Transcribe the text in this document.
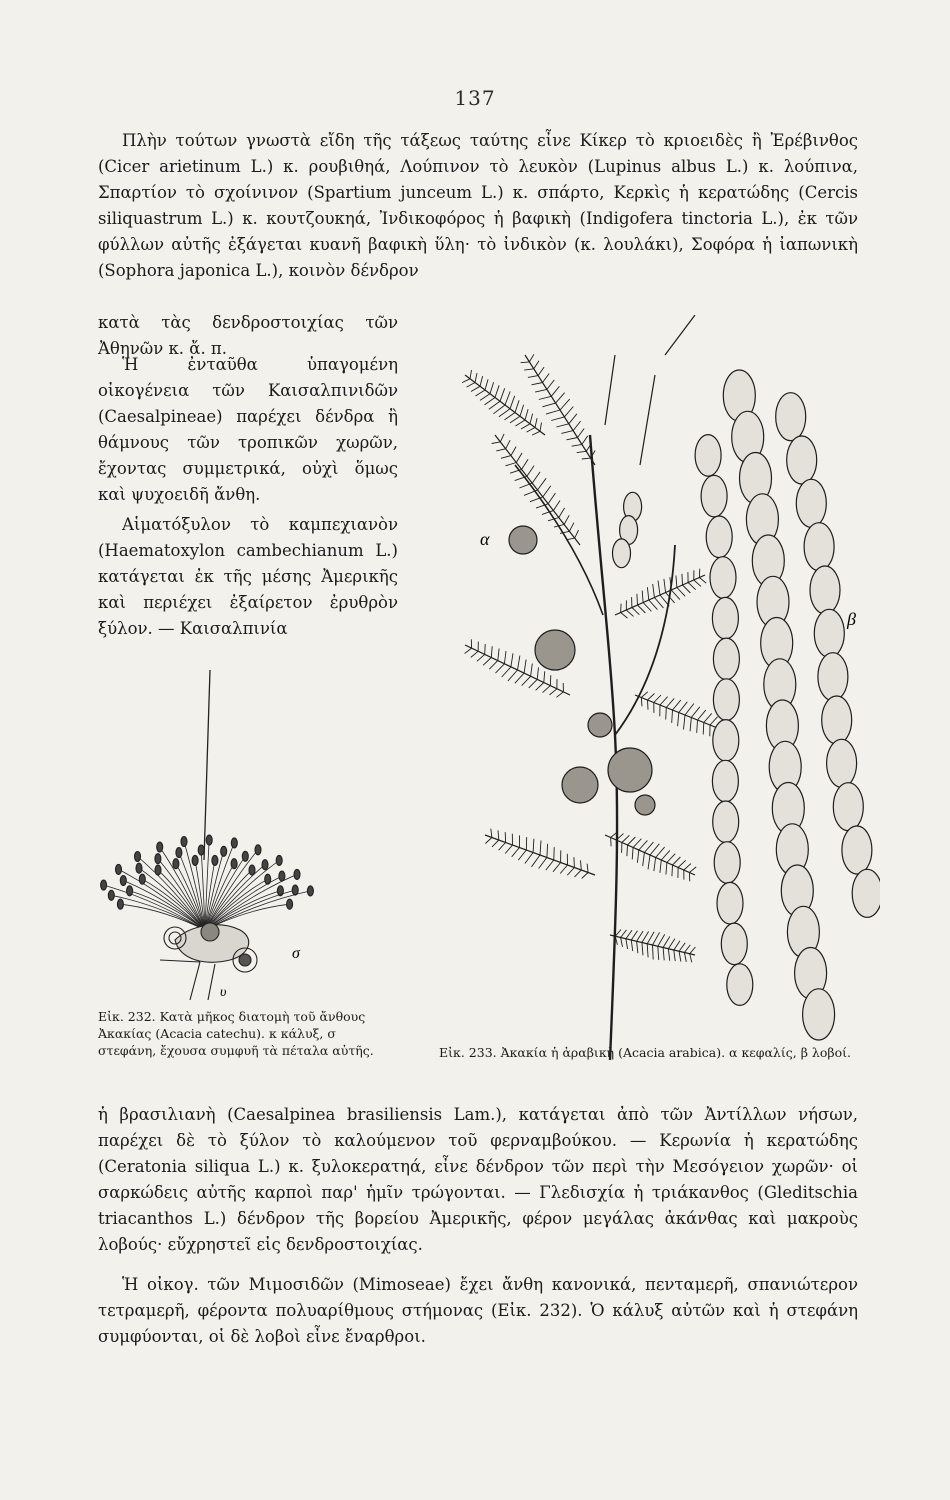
137

Πλὴν τούτων γνωστὰ εἴδη τῆς τάξεως ταύτης εἶνε Κίκερ τὸ κριοειδὲς ἢ Ἐρέβινθος (Cicer arietinum L.) κ. ρουβιθηά, Λούπινον τὸ λευκὸν (Lupinus albus L.) κ. λούπινα, Σπαρτίον τὸ σχοίνινον (Spartium junceum L.) κ. σπάρτο, Κερκὶς ἡ κερατώδης (Cercis siliquastrum L.) κ. κουτζουκηά, Ἰνδικοφόρος ἡ βαφικὴ (Indigofera tinctoria L.), ἐκ τῶν φύλλων αὐτῆς ἐξάγεται κυανῆ βαφικὴ ὕλη· τὸ ἰνδικὸν (κ. λουλάκι), Σοφόρα ἡ ἰαπωνικὴ (Sophora japonica L.), κοινὸν δένδρον

κατὰ τὰς δενδροστοιχίας τῶν Ἀθηνῶν κ. ἄ. π.

Ἡ ἐνταῦθα ὑπαγομένη οἰκογένεια τῶν Καισαλπινιδῶν (Caesalpineae) παρέχει δένδρα ἢ θάμνους τῶν τροπικῶν χωρῶν, ἔχοντας συμμετρικά, οὐχὶ ὅμως καὶ ψυχοειδῆ ἄνθη.

Αἱματόξυλον τὸ καμπεχιανὸν (Haematoxylon cambechianum L.) κατάγεται ἐκ τῆς μέσης Ἀμερικῆς καὶ περιέχει ἐξαίρετον ἐρυθρὸν ξύλον. — Καισαλπινία

σ
υ
Εἰκ. 232. Κατὰ μῆκος διατομὴ τοῦ ἄνθους Ἀκακίας (Acacia catechu). κ κάλυξ, σ στεφάνη, ἔχουσα συμφυῆ τὰ πέταλα αὐτῆς.
α
β
Εἰκ. 233. Ἀκακία ἡ ἀραβικὴ (Acacia arabica). α κεφαλίς, β λοβοί.

ἡ βρασιλιανὴ (Caesalpinea brasiliensis Lam.), κατάγεται ἀπὸ τῶν Ἀντίλλων νήσων, παρέχει δὲ τὸ ξύλον τὸ καλούμενον τοῦ φερναμβούκου. — Κερωνία ἡ κερατώδης (Ceratonia siliqua L.) κ. ξυλοκερατηά, εἶνε δένδρον τῶν περὶ τὴν Μεσόγειον χωρῶν· οἱ σαρκώδεις αὐτῆς καρποὶ παρ' ἡμῖν τρώγονται. — Γλεδισχία ἡ τριάκανθος (Gleditschia triacanthos L.) δένδρον τῆς βορείου Ἀμερικῆς, φέρον μεγάλας ἀκάνθας καὶ μακροὺς λοβούς· εὔχρηστεῖ εἰς δενδροστοιχίας.

Ἡ οἰκογ. τῶν Μιμοσιδῶν (Mimoseae) ἔχει ἄνθη κανονικά, πενταμερῆ, σπανιώτερον τετραμερῆ, φέροντα πολυαρίθμους στήμονας (Εἰκ. 232). Ὁ κάλυξ αὐτῶν καὶ ἡ στεφάνη συμφύονται, οἱ δὲ λοβοὶ εἶνε ἔναρθροι.
